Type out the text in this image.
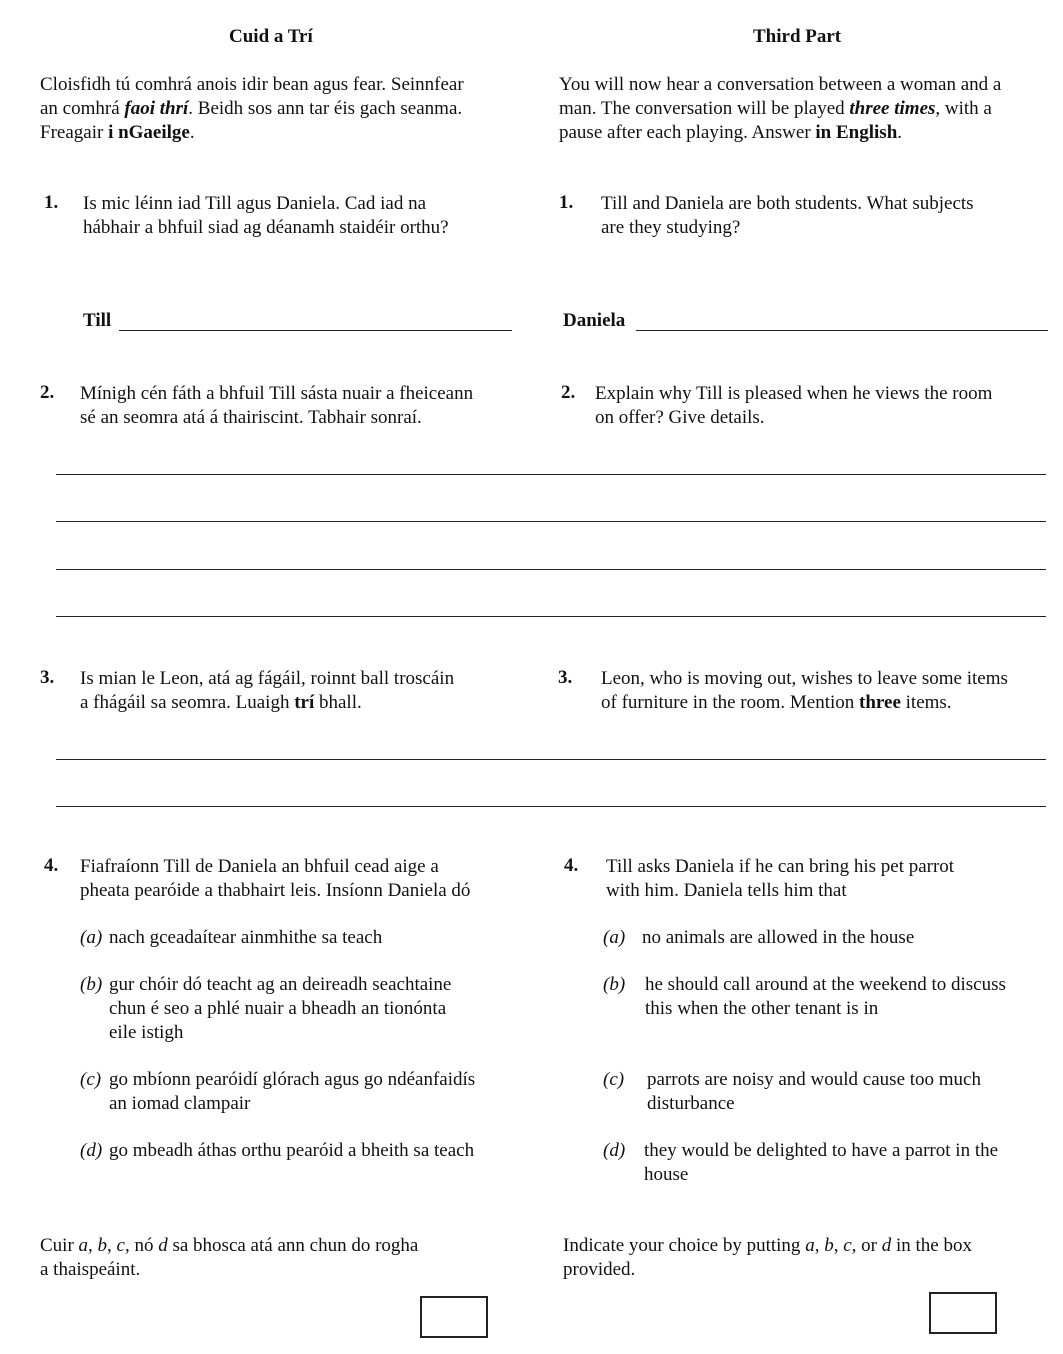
Cuid a Trí	Third Part
Cloisfidh tú comhrá anois idir bean agus fear. Seinnfear
an comhrá faoi thrí. Beidh sos ann tar éis gach seanma.
Freagair i nGaeilge.
You will now hear a conversation between a woman and a
man. The conversation will be played three times, with a
pause after each playing. Answer in English.
1. Is mic léinn iad Till agus Daniela. Cad iad na
hábhair a bhfuil siad ag déanamh staidéir orthu?
1. Till and Daniela are both students. What subjects
are they studying?
Till	Daniela
2. Mínigh cén fáth a bhfuil Till sásta nuair a fheiceann
sé an seomra atá á thairiscint. Tabhair sonraí.
2. Explain why Till is pleased when he views the room
on offer? Give details.
3. Is mian le Leon, atá ag fágáil, roinnt ball troscáin
a fhágáil sa seomra. Luaigh trí bhall.
3. Leon, who is moving out, wishes to leave some items
of furniture in the room. Mention three items.
4. Fiafraíonn Till de Daniela an bhfuil cead aige a
pheata pearóide a thabhairt leis. Insíonn Daniela dó
(a) nach gceadaítear ainmhithe sa teach
(b) gur chóir dó teacht ag an deireadh seachtaine
chun é seo a phlé nuair a bheadh an tionónta
eile istigh
(c) go mbíonn pearóidí glórach agus go ndéanfaidís
an iomad clampair
(d) go mbeadh áthas orthu pearóid a bheith sa teach
4. Till asks Daniela if he can bring his pet parrot
with him. Daniela tells him that
(a) no animals are allowed in the house
(b) he should call around at the weekend to discuss
this when the other tenant is in
(c) parrots are noisy and would cause too much
disturbance
(d) they would be delighted to have a parrot in the
house
Cuir a, b, c, nó d sa bhosca atá ann chun do rogha
a thaispeáint.
Indicate your choice by putting a, b, c, or d in the box
provided.
